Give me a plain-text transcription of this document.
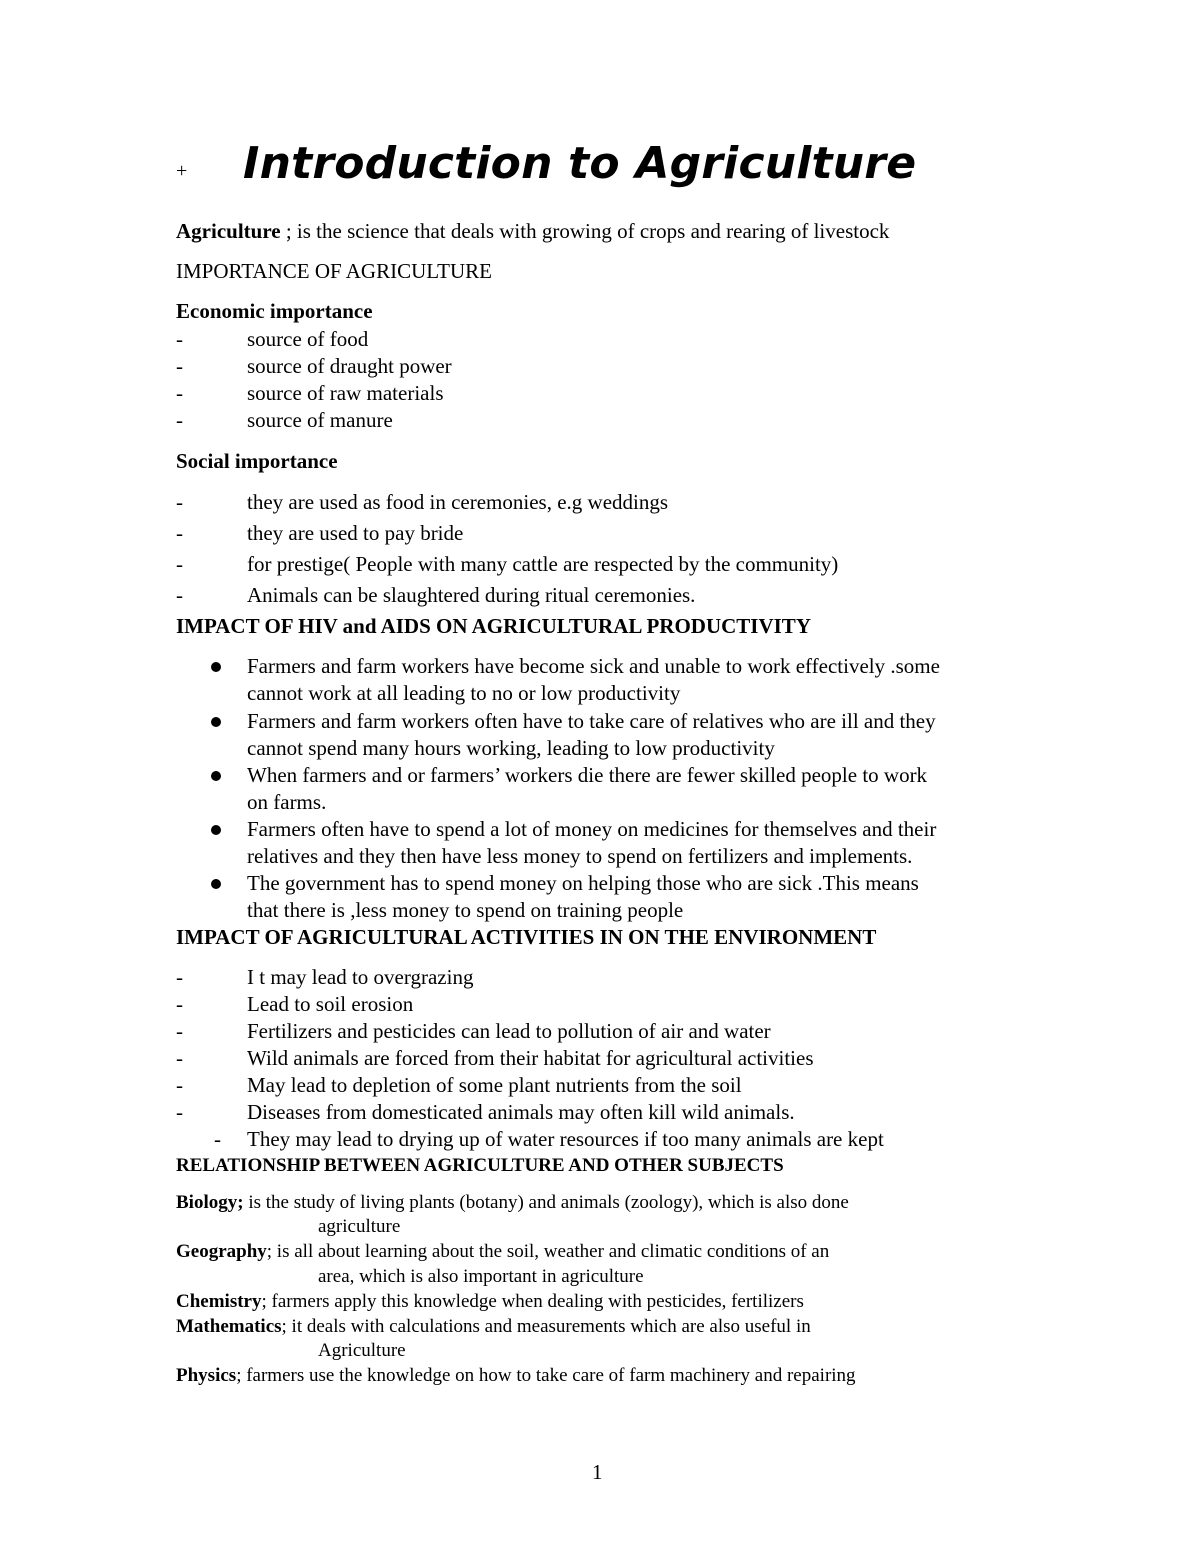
+ Introduction to Agriculture
Agriculture ; is the science that deals with growing of crops and rearing of livestock
IMPORTANCE OF AGRICULTURE
Economic importance
-	source of food
-	source of draught power
-	source of raw materials
-	source of manure
Social importance
-	they are used as food in ceremonies, e.g weddings
-	they are used to pay bride
-	for prestige( People with many cattle are respected by the community)
-	Animals can be slaughtered during ritual ceremonies.
IMPACT OF HIV and AIDS ON AGRICULTURAL PRODUCTIVITY
Farmers and farm workers have become sick and unable to work effectively .some
cannot work at all leading to no or low productivity
Farmers and farm workers often have to take care of relatives who are ill and they
cannot spend many hours working, leading to low productivity
When farmers and or farmers’ workers die there are fewer skilled people to work
on farms.
Farmers often have to spend a lot of money on medicines for themselves and their
relatives and they then have less money to spend on fertilizers and implements.
The government has to spend money on helping those who are sick .This means
that there is ,less money to spend on training people
IMPACT OF AGRICULTURAL ACTIVITIES IN ON THE ENVIRONMENT
-	I t may lead to overgrazing
-	Lead to soil erosion
-	Fertilizers and pesticides can lead to pollution of air and water
-	Wild animals are forced from their habitat for agricultural activities
-	May lead to depletion of some plant nutrients from the soil
-	Diseases from domesticated animals may often kill wild animals.
- They may lead to drying up of water resources if too many animals are kept
RELATIONSHIP BETWEEN AGRICULTURE AND OTHER SUBJECTS
Biology; is the study of living plants (botany) and animals (zoology), which is also done
agriculture
Geography; is all about learning about the soil, weather and climatic conditions of an
area, which is also important in agriculture
Chemistry; farmers apply this knowledge when dealing with pesticides, fertilizers
Mathematics; it deals with calculations and measurements which are also useful in
Agriculture
Physics; farmers use the knowledge on how to take care of farm machinery and repairing
1
